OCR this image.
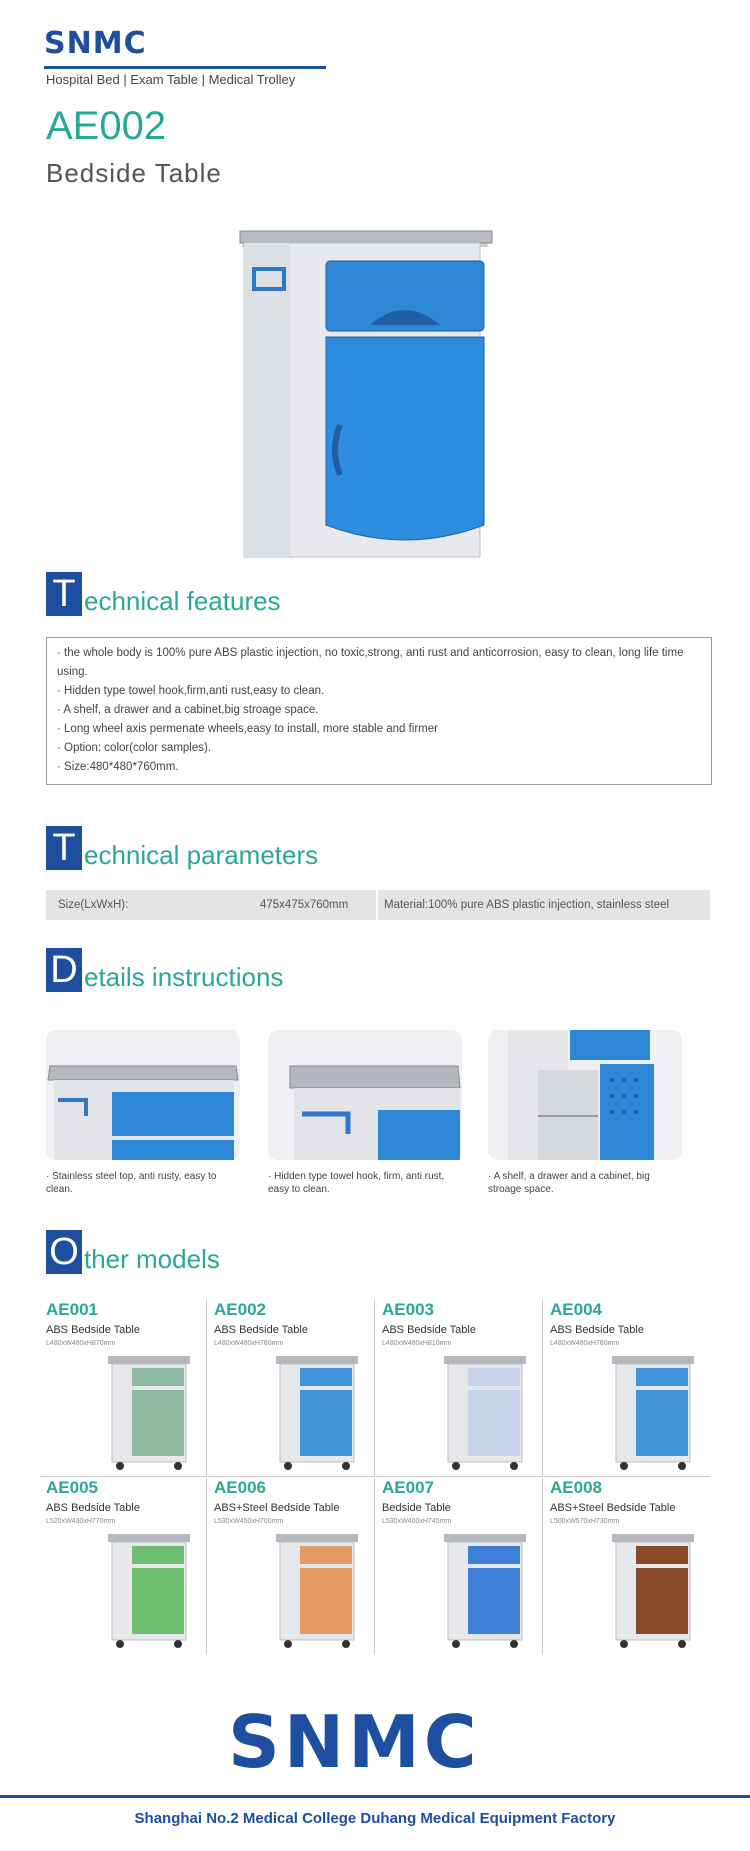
SNMC
Hospital Bed | Exam Table | Medical Trolley
AE002
Bedside Table
T echnical features
· the whole body is 100% pure ABS plastic injection, no toxic,strong, anti rust and anticorrosion, easy to clean, long life time using.
· Hidden type towel hook,firm,anti rust,easy to clean.
· A shelf, a drawer and a cabinet,big stroage space.
· Long wheel axis permenate wheels,easy to install, more stable and firmer
· Option: color(color samples).
· Size:480*480*760mm.
T echnical parameters
Size(LxWxH):	475x475x760mm	Material:100% pure ABS plastic injection, stainless steel
D etails instructions
· Stainless steel top, anti rusty, easy to clean.
· Hidden type towel hook, firm, anti rust, easy to clean.
· A shelf, a drawer and a cabinet, big stroage space.
O ther models
AE001
ABS Bedside Table
L480xW480xH870mm
AE002
ABS Bedside Table
L480xW480xH760mm
AE003
ABS Bedside Table
L480xW480xH810mm
AE004
ABS Bedside Table
L480xW480xH760mm
AE005
ABS Bedside Table
L520xW430xH770mm
AE006
ABS+Steel Bedside Table
L530xW450xH700mm
AE007
Bedside Table
L530xW400xH745mm
AE008
ABS+Steel Bedside Table
L500xW570xH730mm
SNMC
Shanghai No.2 Medical College Duhang Medical Equipment Factory
